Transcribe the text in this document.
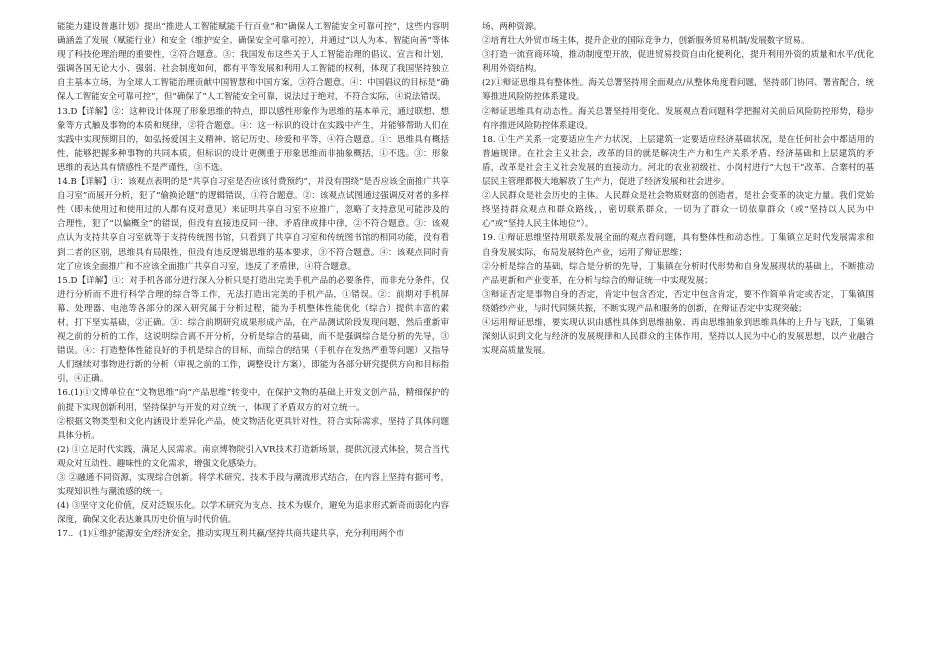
能能力建设普惠计划》提出“推进人工智能赋能千行百业”和“确保人工智能安全可靠可控”，这些内容明确涵盖了发展（赋能行业）和安全（维护安全、确保安全可靠可控），并通过“以人为本、智能向善”等体现了科技伦理治理的重要性，②符合题意。③：我国发布这些关于人工智能治理的倡议、宣言和计划，强调各国无论大小、强弱、社会制度如何，都有平等发展和利用人工智能的权利，体现了我国坚持独立自主基本立场，为全球人工智能治理贡献中国智慧和中国方案，③符合题意。④：中国倡议的目标是“确保人工智能安全可靠可控”，但“确保了”人工智能安全可靠，说法过于绝对，不符合实际，④说法错误。

13.D【详解】②：这种设计体现了形象思维的特点，即以感性形象作为思维的基本单元，通过联想、想象等方式触及事物的本质和规律，②符合题意。④：这一标识的设计在实践中产生，并能够帮助人们在实践中实现预期目的，如弘扬爱国主义精神、铭记历史、珍爱和平等，④符合题意。①：思维具有概括性，能够把握多种事物的共同本质，但标识的设计更侧重于形象思维而非抽象概括，①不选。③：形象思维的表达具有情感性不是严谨性，③不选。

14.B【详解】①：该观点表明的是“共享自习室是否应该付费预约”，并没有围绕“是否应该全面推广共享自习室”而展开分析，犯了“偷换论题”的逻辑错误，①符合题意。②：该观点试图通过强调反对者的多样性（即未使用过和使用过的人都有反对意见）来证明共享自习室不应推广，忽略了支持意见可能涉及的合理性，犯了“以偏概全”的错误，但没有直接违反同一律、矛盾律或排中律，②不符合题意。③：该观点认为支持共享自习室就等于支持传统图书馆，只看到了共享自习室和传统图书馆的相同功能，没有看到二者的区别，思维具有局限性，但没有违反逻辑思维的基本要求，③不符合题意。④：该观点同时肯定了应该全面推广和不应该全面推广共享自习室，违反了矛盾律，④符合题意。

15.D【详解】①：对手机各部分进行深入分析只是打造出完美手机产品的必要条件，而非充分条件，仅进行分析而不进行科学合理的综合等工作，无法打造出完美的手机产品，①错误。②：前期对手机屏幕、处理器、电池等各部分的深入研究属于分析过程，能为手机整体性能优化（综合）提供丰富的素材，打下坚实基础，②正确。③：综合前期研究成果形成产品，在产品测试阶段发现问题，然后重新审视之前的分析的工作，这说明综合离不开分析，分析是综合的基础，而不是强调综合是分析的先导，③错误。④：打造整体性能良好的手机是综合的目标，而综合的结果（手机存在发热严重等问题）又指导人们继续对事物进行新的分析（审视之前的工作，调整设计方案），即能为各部分研究提供方向和目标指引，④正确。

16.(1)①文博单位在“文物思维”向“产品思维”转变中，在保护文物的基础上开发文创产品，精细保护的前提下实现创新利用，坚持保护与开发的对立统一，体现了矛盾双方的对立统一。

②根据文物类型和文化内涵设计差异化产品，使文物活化更具针对性，符合实际需求，坚持了具体问题具体分析。

(2) ①立足时代实践，满足人民需求。南京博物院引入VR技术打造新场景，提供沉浸式体验，契合当代观众对互动性、趣味性的文化需求，增强文化感染力。

③ ②融通不同资源，实现综合创新。将学术研究、技术手段与潮流形式结合，在内容上坚持有据可考，实现知识性与潮流感的统一。

(4) ③坚守文化价值，反对泛娱乐化。以学术研究为支点、技术为媒介，避免为追求形式新奇而弱化内容深度，确保文化表达兼具历史价值与时代价值。

17.．(1)①维护能源安全/经济安全，推动实现互利共赢/坚持共商共建共享，充分利用两个市

场、两种资源。

②培育壮大外贸市场主体，提升企业的国际竞争力，创新服务贸易机制/发展数字贸易。

③打造一流营商环境，推动制度型开放，促进贸易投资自由化便利化，提升利用外资的质量和水平/优化利用外资结构。

(2)①辩证思维具有整体性。海关总署坚持用全面观点/从整体角度看问题，坚持部门协同、署省配合，统筹推进风险防控体系建设。

②辩证思维具有动态性。海关总署坚持用变化、发展观点看问题科学把握对关前后风险防控形势，稳步有序推进风险防控体系建设。

18. ①生产关系一定要适应生产力状况，上层建筑一定要适应经济基础状况，是在任何社会中都适用的普遍规律。在社会主义社会，改革的目的就是解决生产力和生产关系矛盾、经济基础和上层建筑的矛盾，改革是社会主义社会发展的直接动力。河北的农业初级社、小岗村进行“大包干”改革、合寨村的基层民主管理都极大地解放了生产力，促进了经济发展和社会进步。

②人民群众是社会历史的主体。人民群众是社会物质财富的创造者，是社会变革的决定力量。我们党始终坚持群众观点和群众路线，，密切联系群众，一切为了群众一切依靠群众（或“坚持以人民为中心”或“坚持人民主体地位”）。

19. ①辩证思维坚持用联系发展全面的观点看问题，具有整体性和动态性。丁集镇立足时代发展需求和自身发展实际，布局发展特色产业，运用了辩证思维；

②分析是综合的基础，综合是分析的先导，丁集镇在分析时代形势和自身发展现状的基础上，不断推动产品更新和产业变革，在分析与综合的辩证统一中实现发展；

③辩证否定是事物自身的否定，肯定中包含否定，否定中包含肯定，要不作简单肯定或否定，丁集镇围绕婚纱产业，与时代同频共振，不断实现产品和服务的创新，在辩证否定中实现突破；

④运用辩证思维，要实现认识由感性具体到思维抽象、再由思维抽象到思维具体的上升与飞跃，丁集镇深刻认识到文化与经济的发展规律和人民群众的主体作用，坚持以人民为中心的发展思想，以产业融合实现高质量发展。
